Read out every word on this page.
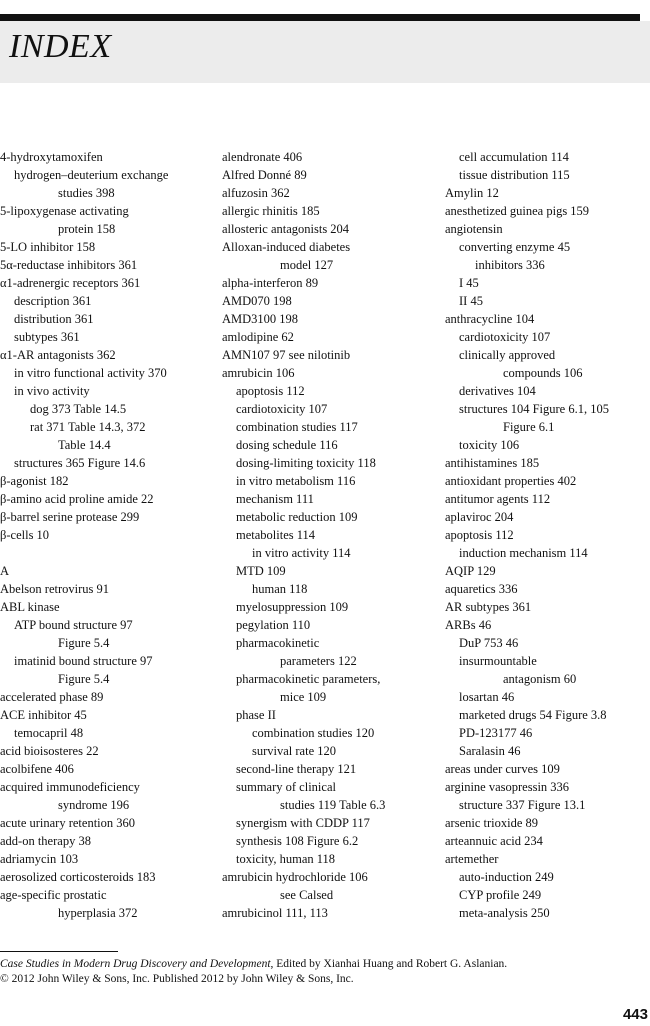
INDEX
4-hydroxytamoxifen
hydrogen–deuterium exchange
studies 398
5-lipoxygenase activating
protein 158
5-LO inhibitor 158
5α-reductase inhibitors 361
α1-adrenergic receptors 361
description 361
distribution 361
subtypes 361
α1-AR antagonists 362
in vitro functional activity 370
in vivo activity
dog 373 Table 14.5
rat 371 Table 14.3, 372
Table 14.4
structures 365 Figure 14.6
β-agonist 182
β-amino acid proline amide 22
β-barrel serine protease 299
β-cells 10
A
Abelson retrovirus 91
ABL kinase
ATP bound structure 97
Figure 5.4
imatinid bound structure 97
Figure 5.4
accelerated phase 89
ACE inhibitor 45
temocapril 48
acid bioisosteres 22
acolbifene 406
acquired immunodeficiency
syndrome 196
acute urinary retention 360
add-on therapy 38
adriamycin 103
aerosolized corticosteroids 183
age-specific prostatic
hyperplasia 372
alendronate 406
Alfred Donné 89
alfuzosin 362
allergic rhinitis 185
allosteric antagonists 204
Alloxan-induced diabetes
model 127
alpha-interferon 89
AMD070 198
AMD3100 198
amlodipine 62
AMN107 97 see nilotinib
amrubicin 106
apoptosis 112
cardiotoxicity 107
combination studies 117
dosing schedule 116
dosing-limiting toxicity 118
in vitro metabolism 116
mechanism 111
metabolic reduction 109
metabolites 114
in vitro activity 114
MTD 109
human 118
myelosuppression 109
pegylation 110
pharmacokinetic
parameters 122
pharmacokinetic parameters,
mice 109
phase II
combination studies 120
survival rate 120
second-line therapy 121
summary of clinical
studies 119 Table 6.3
synergism with CDDP 117
synthesis 108 Figure 6.2
toxicity, human 118
amrubicin hydrochloride 106
see Calsed
amrubicinol 111, 113
cell accumulation 114
tissue distribution 115
Amylin 12
anesthetized guinea pigs 159
angiotensin
converting enzyme 45
inhibitors 336
I 45
II 45
anthracycline 104
cardiotoxicity 107
clinically approved
compounds 106
derivatives 104
structures 104 Figure 6.1, 105
Figure 6.1
toxicity 106
antihistamines 185
antioxidant properties 402
antitumor agents 112
aplaviroc 204
apoptosis 112
induction mechanism 114
AQIP 129
aquaretics 336
AR subtypes 361
ARBs 46
DuP 753 46
insurmountable
antagonism 60
losartan 46
marketed drugs 54 Figure 3.8
PD-123177 46
Saralasin 46
areas under curves 109
arginine vasopressin 336
structure 337 Figure 13.1
arsenic trioxide 89
arteannuic acid 234
artemether
auto-induction 249
CYP profile 249
meta-analysis 250
Case Studies in Modern Drug Discovery and Development, Edited by Xianhai Huang and Robert G. Aslanian.
© 2012 John Wiley & Sons, Inc. Published 2012 by John Wiley & Sons, Inc.
443
